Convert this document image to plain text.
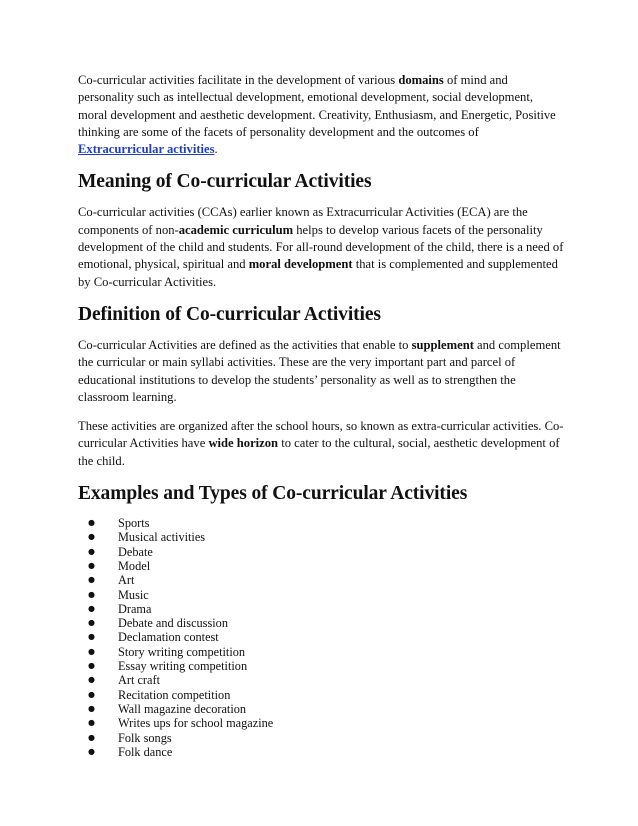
Co-curricular activities facilitate in the development of various domains of mind and personality such as intellectual development, emotional development, social development, moral development and aesthetic development. Creativity, Enthusiasm, and Energetic, Positive thinking are some of the facets of personality development and the outcomes of Extracurricular activities.

Meaning of Co-curricular Activities

Co-curricular activities (CCAs) earlier known as Extracurricular Activities (ECA) are the components of non-academic curriculum helps to develop various facets of the personality development of the child and students. For all-round development of the child, there is a need of emotional, physical, spiritual and moral development that is complemented and supplemented by Co-curricular Activities.

Definition of Co-curricular Activities

Co-curricular Activities are defined as the activities that enable to supplement and complement the curricular or main syllabi activities. These are the very important part and parcel of educational institutions to develop the students’ personality as well as to strengthen the classroom learning.

These activities are organized after the school hours, so known as extra-curricular activities. Co-curricular Activities have wide horizon to cater to the cultural, social, aesthetic development of the child.

Examples and Types of Co-curricular Activities
● Sports
● Musical activities
● Debate
● Model
● Art
● Music
● Drama
● Debate and discussion
● Declamation contest
● Story writing competition
● Essay writing competition
● Art craft
● Recitation competition
● Wall magazine decoration
● Writes ups for school magazine
● Folk songs
● Folk dance
